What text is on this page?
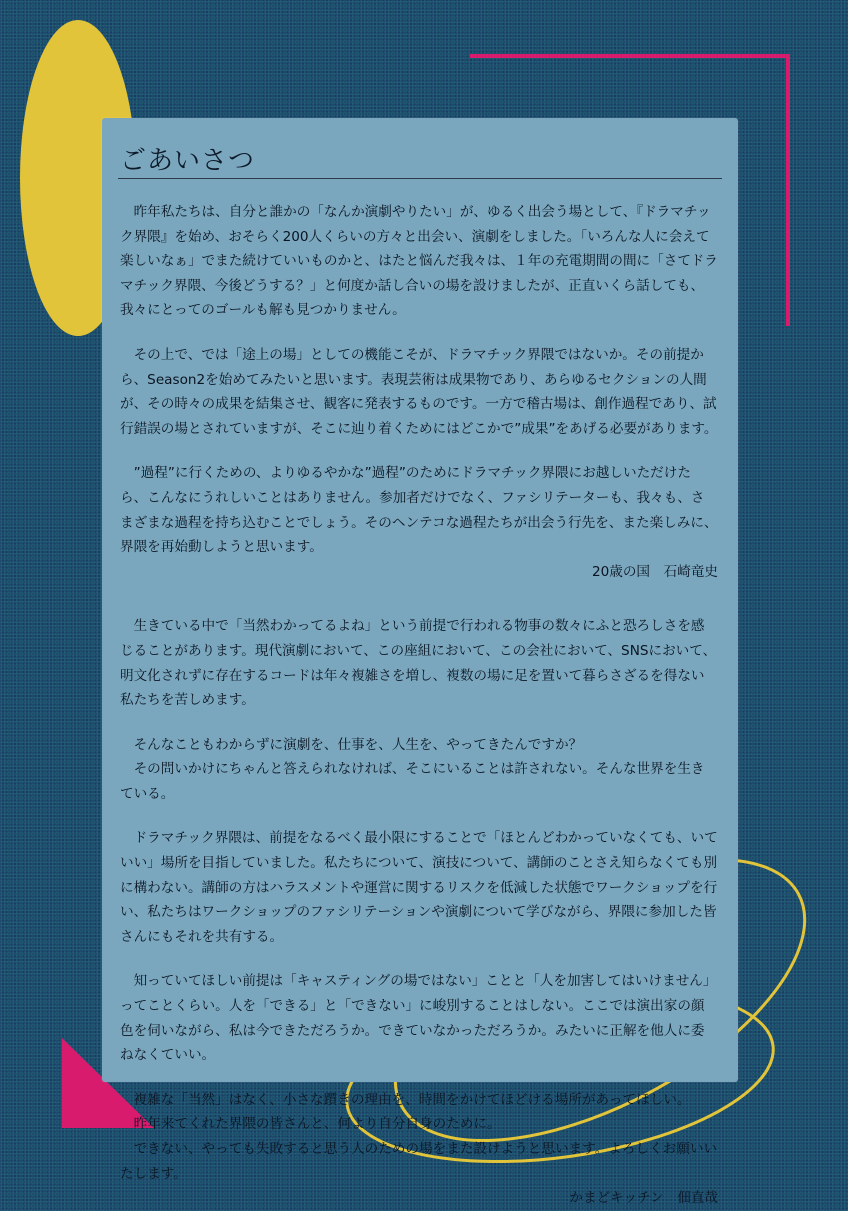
ごあいさつ

昨年私たちは、自分と誰かの「なんか演劇やりたい」が、ゆるく出会う場として、『ドラマチック界隈』を始め、おそらく200人くらいの方々と出会い、演劇をしました。「いろんな人に会えて楽しいなぁ」でまた続けていいものかと、はたと悩んだ我々は、１年の充電期間の間に「さてドラマチック界隈、今後どうする？」と何度か話し合いの場を設けましたが、正直いくら話しても、我々にとってのゴールも解も見つかりません。

その上で、では「途上の場」としての機能こそが、ドラマチック界隈ではないか。その前提から、Season2を始めてみたいと思います。表現芸術は成果物であり、あらゆるセクションの人間が、その時々の成果を結集させ、観客に発表するものです。一方で稽古場は、創作過程であり、試行錯誤の場とされていますが、そこに辿り着くためにはどこかで”成果”をあげる必要があります。

”過程”に行くための、よりゆるやかな”過程”のためにドラマチック界隈にお越しいただけたら、こんなにうれしいことはありません。参加者だけでなく、ファシリテーターも、我々も、さまざまな過程を持ち込むことでしょう。そのヘンテコな過程たちが出会う行先を、また楽しみに、界隈を再始動しようと思います。

20歳の国　石崎竜史

生きている中で「当然わかってるよね」という前提で行われる物事の数々にふと恐ろしさを感じることがあります。現代演劇において、この座組において、この会社において、SNSにおいて、明文化されずに存在するコードは年々複雑さを増し、複数の場に足を置いて暮らさざるを得ない私たちを苦しめます。

そんなこともわからずに演劇を、仕事を、人生を、やってきたんですか？

その問いかけにちゃんと答えられなければ、そこにいることは許されない。そんな世界を生きている。

ドラマチック界隈は、前提をなるべく最小限にすることで「ほとんどわかっていなくても、いていい」場所を目指していました。私たちについて、演技について、講師のことさえ知らなくても別に構わない。講師の方はハラスメントや運営に関するリスクを低減した状態でワークショップを行い、私たちはワークショップのファシリテーションや演劇について学びながら、界隈に参加した皆さんにもそれを共有する。

知っていてほしい前提は「キャスティングの場ではない」ことと「人を加害してはいけません」ってことくらい。人を「できる」と「できない」に峻別することはしない。ここでは演出家の顔色を伺いながら、私は今できただろうか。できていなかっただろうか。みたいに正解を他人に委ねなくていい。

複雑な「当然」はなく、小さな躓きの理由を、時間をかけてほどける場所があってほしい。

昨年来てくれた界隈の皆さんと、何より自分自身のために。

できない、やっても失敗すると思う人のための場をまた設けようと思います。よろしくお願いいたします。

かまどキッチン　佃直哉
